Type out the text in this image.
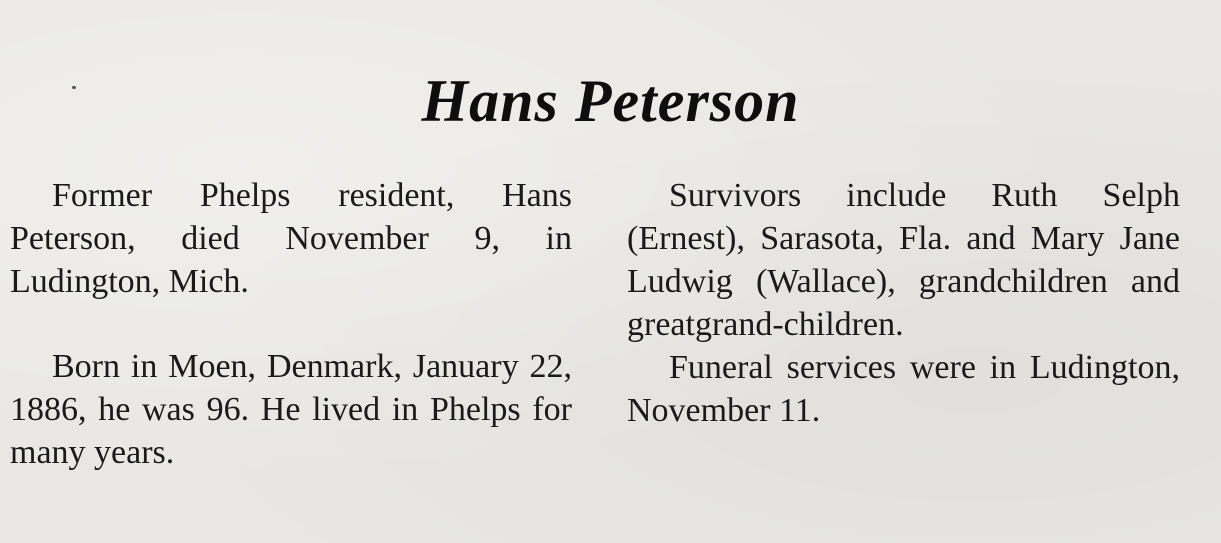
Hans Peterson

Former Phelps resident, Hans Peterson, died November 9, in Ludington, Mich.

Born in Moen, Denmark, January 22, 1886, he was 96. He lived in Phelps for many years.

Survivors include Ruth Selph (Ernest), Sarasota, Fla. and Mary Jane Ludwig (Wallace), grandchildren and greatgrand-children.

Funeral services were in Ludington, November 11.
